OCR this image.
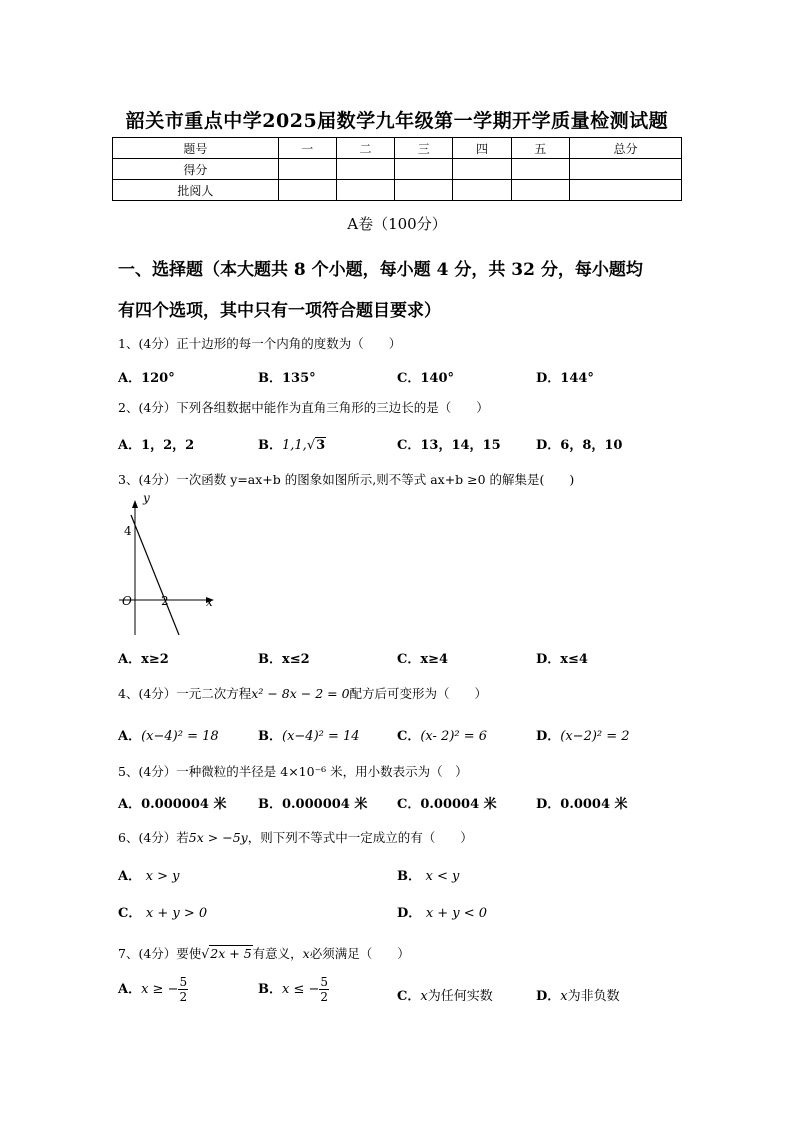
韶关市重点中学2025届数学九年级第一学期开学质量检测试题
题号	一	二	三	四	五	总分
得分						
批阅人						
A卷（100分）
一、选择题（本大题共 8 个小题，每小题 4 分，共 32 分，每小题均
有四个选项，其中只有一项符合题目要求）
1、(4分）正十边形的每一个内角的度数为（　　）
A．120°	B．135°	C．140°	D．144°
2、(4分）下列各组数据中能作为直角三角形的三边长的是（　　）
A．1，2，2	B．1,1,√3	C．13，14，15	D．6，8，10
3、(4分）一次函数 y=ax+b 的图象如图所示,则不等式 ax+b ≥0 的解集是(　　)
y
x
O
4
2
A．x≥2	B．x≤2	C．x≥4	D．x≤4
4、(4分）一元二次方程x² − 8x − 2 = 0配方后可变形为（　　）
A．(x−4)² = 18	B．(x−4)² = 14	C．(x- 2)² = 6	D．(x−2)² = 2
5、(4分）一种微粒的半径是 4×10⁻⁶ 米，用小数表示为（　）
A．0.000004 米 B．0.000004 米 C．0.00004 米	D．0.0004 米
6、(4分）若5x > −5y，则下列不等式中一定成立的有（　　）
A． x > y	B． x < y
C． x + y > 0	D． x + y < 0
7、(4分）要使√2x + 5有意义，x必须满足（　　）
A．x ≥ − $\frac{5}{2}$	B．x ≤ − $\frac{5}{2}$	C．x为任何实数	D．x为非负数
